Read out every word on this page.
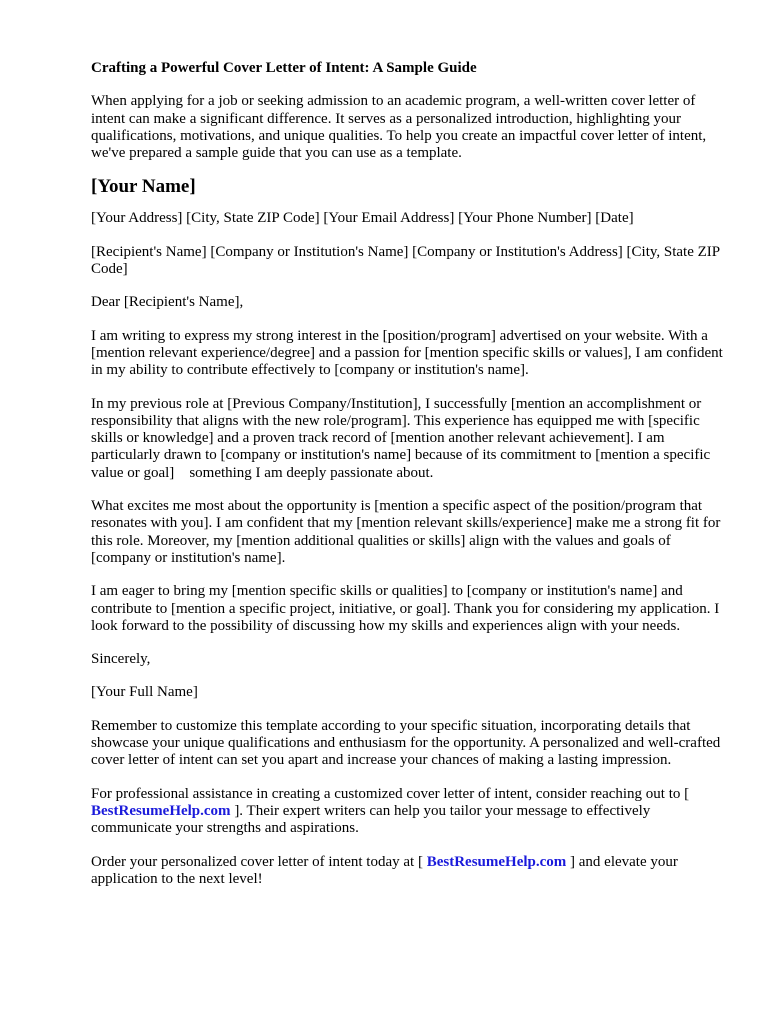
Crafting a Powerful Cover Letter of Intent: A Sample Guide
When applying for a job or seeking admission to an academic program, a well-written cover letter of intent can make a significant difference. It serves as a personalized introduction, highlighting your qualifications, motivations, and unique qualities. To help you create an impactful cover letter of intent, we've prepared a sample guide that you can use as a template.
[Your Name]
[Your Address] [City, State ZIP Code] [Your Email Address] [Your Phone Number] [Date]
[Recipient's Name] [Company or Institution's Name] [Company or Institution's Address] [City, State ZIP Code]
Dear [Recipient's Name],
I am writing to express my strong interest in the [position/program] advertised on your website. With a [mention relevant experience/degree] and a passion for [mention specific skills or values], I am confident in my ability to contribute effectively to [company or institution's name].
In my previous role at [Previous Company/Institution], I successfully [mention an accomplishment or responsibility that aligns with the new role/program]. This experience has equipped me with [specific skills or knowledge] and a proven track record of [mention another relevant achievement]. I am particularly drawn to [company or institution's name] because of its commitment to [mention a specific value or goal] something I am deeply passionate about.
What excites me most about the opportunity is [mention a specific aspect of the position/program that resonates with you]. I am confident that my [mention relevant skills/experience] make me a strong fit for this role. Moreover, my [mention additional qualities or skills] align with the values and goals of [company or institution's name].
I am eager to bring my [mention specific skills or qualities] to [company or institution's name] and contribute to [mention a specific project, initiative, or goal]. Thank you for considering my application. I look forward to the possibility of discussing how my skills and experiences align with your needs.
Sincerely,
[Your Full Name]
Remember to customize this template according to your specific situation, incorporating details that showcase your unique qualifications and enthusiasm for the opportunity. A personalized and well-crafted cover letter of intent can set you apart and increase your chances of making a lasting impression.
For professional assistance in creating a customized cover letter of intent, consider reaching out to [ BestResumeHelp.com ]. Their expert writers can help you tailor your message to effectively communicate your strengths and aspirations.
Order your personalized cover letter of intent today at [ BestResumeHelp.com ] and elevate your application to the next level!
